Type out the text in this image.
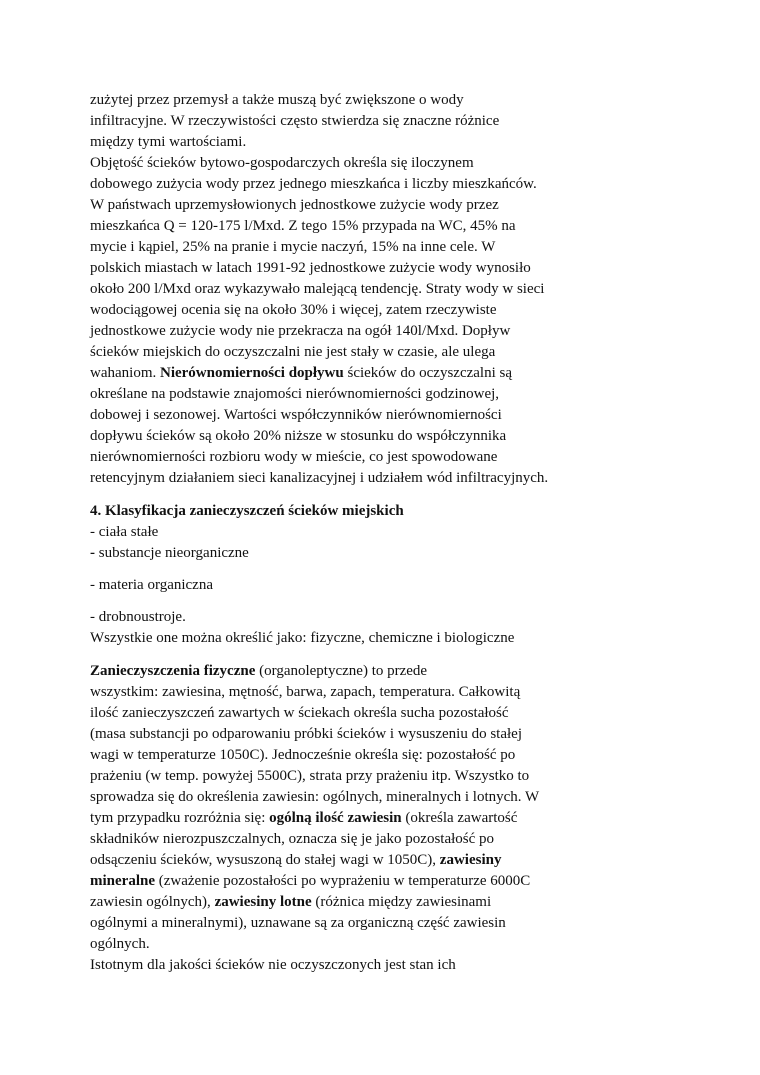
zużytej przez przemysł a także muszą być zwiększone o wody
infiltracyjne. W rzeczywistości często stwierdza się znaczne różnice
między tymi wartościami.
Objętość ścieków bytowo-gospodarczych określa się iloczynem
dobowego zużycia wody przez jednego mieszkańca i liczby mieszkańców.
W państwach uprzemysłowionych jednostkowe zużycie wody przez
mieszkańca Q = 120-175 l/Mxd. Z tego 15% przypada na WC, 45% na
mycie i kąpiel, 25% na pranie i mycie naczyń, 15% na inne cele. W
polskich miastach w latach 1991-92 jednostkowe zużycie wody wynosiło
około 200 l/Mxd oraz wykazywało malejącą tendencję. Straty wody w sieci
wodociągowej ocenia się na około 30% i więcej, zatem rzeczywiste
jednostkowe zużycie wody nie przekracza na ogół 140l/Mxd. Dopływ
ścieków miejskich do oczyszczalni nie jest stały w czasie, ale ulega
wahaniom. Nierównomierności dopływu ścieków do oczyszczalni są
określane na podstawie znajomości nierównomierności godzinowej,
dobowej i sezonowej. Wartości współczynników nierównomierności
dopływu ścieków są około 20% niższe w stosunku do współczynnika
nierównomierności rozbioru wody w mieście, co jest spowodowane
retencyjnym działaniem sieci kanalizacyjnej i udziałem wód infiltracyjnych.
4. Klasyfikacja zanieczyszczeń ścieków miejskich
- ciała stałe
- substancje nieorganiczne
- materia organiczna
- drobnoustroje.
Wszystkie one można określić jako: fizyczne, chemiczne i biologiczne
Zanieczyszczenia fizyczne (organoleptyczne) to przede
wszystkim: zawiesina, mętność, barwa, zapach, temperatura. Całkowitą
ilość zanieczyszczeń zawartych w ściekach określa sucha pozostałość
(masa substancji po odparowaniu próbki ścieków i wysuszeniu do stałej
wagi w temperaturze 1050C). Jednocześnie określa się: pozostałość po
prażeniu (w temp. powyżej 5500C), strata przy prażeniu itp. Wszystko to
sprowadza się do określenia zawiesin: ogólnych, mineralnych i lotnych. W
tym przypadku rozróżnia się: ogólną ilość zawiesin (określa zawartość
składników nierozpuszczalnych, oznacza się je jako pozostałość po
odsączeniu ścieków, wysuszoną do stałej wagi w 1050C), zawiesiny
mineralne (zważenie pozostałości po wyprażeniu w temperaturze 6000C
zawiesin ogólnych), zawiesiny lotne (różnica między zawiesinami
ogólnymi a mineralnymi), uznawane są za organiczną część zawiesin
ogólnych.
Istotnym dla jakości ścieków nie oczyszczonych jest stan ich
